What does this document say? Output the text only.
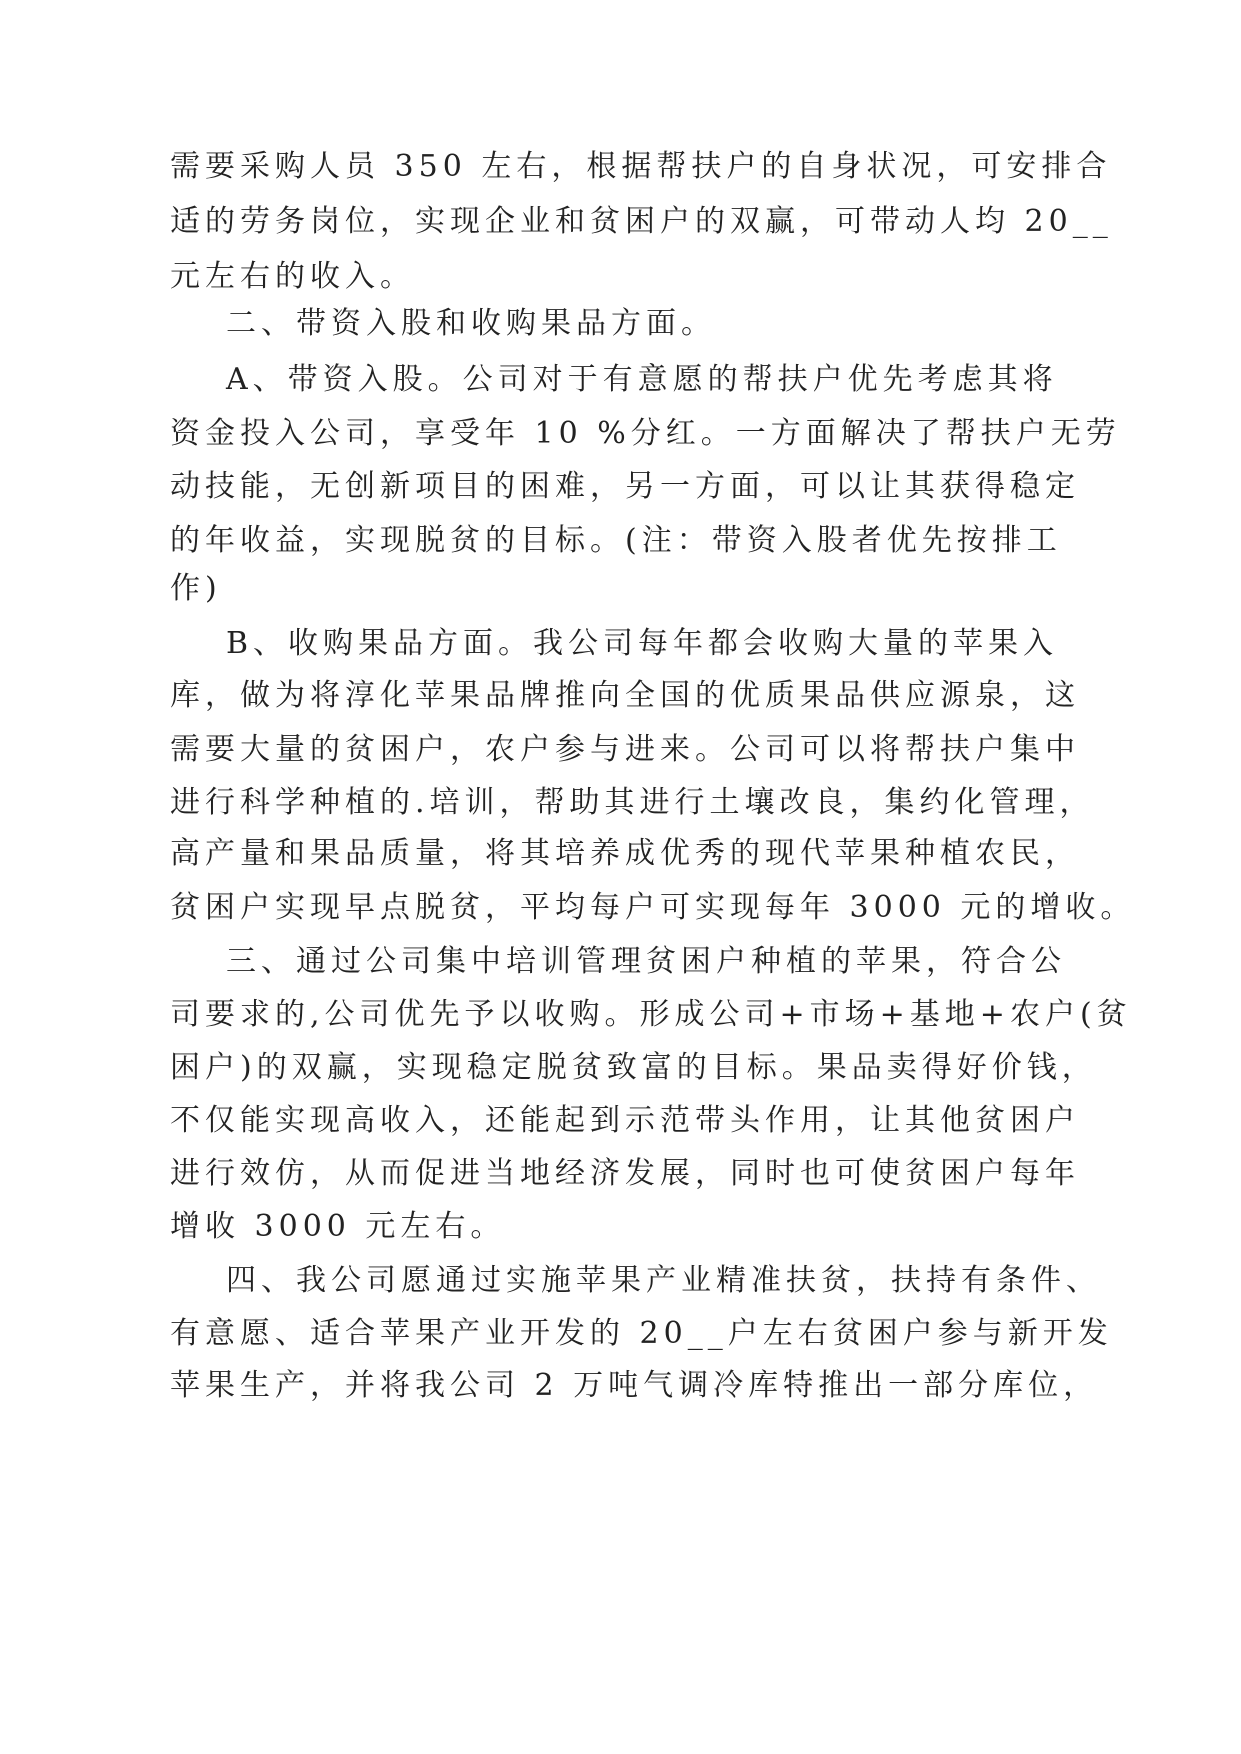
需要采购人员 350 左右，根据帮扶户的自身状况，可安排合

适的劳务岗位，实现企业和贫困户的双赢，可带动人均 20__

元左右的收入。

二、带资入股和收购果品方面。

A、带资入股。公司对于有意愿的帮扶户优先考虑其将

资金投入公司，享受年 10 %分红。一方面解决了帮扶户无劳

动技能，无创新项目的困难，另一方面，可以让其获得稳定

的年收益，实现脱贫的目标。(注：带资入股者优先按排工

作)

B、收购果品方面。我公司每年都会收购大量的苹果入

库，做为将淳化苹果品牌推向全国的优质果品供应源泉，这

需要大量的贫困户，农户参与进来。公司可以将帮扶户集中

进行科学种植的.培训，帮助其进行土壤改良，集约化管理，

高产量和果品质量，将其培养成优秀的现代苹果种植农民，

贫困户实现早点脱贫，平均每户可实现每年 3000 元的增收。

三、通过公司集中培训管理贫困户种植的苹果，符合公

司要求的,公司优先予以收购。形成公司+市场+基地+农户(贫

困户)的双赢，实现稳定脱贫致富的目标。果品卖得好价钱，

不仅能实现高收入，还能起到示范带头作用，让其他贫困户

进行效仿，从而促进当地经济发展，同时也可使贫困户每年

增收 3000 元左右。

四、我公司愿通过实施苹果产业精准扶贫，扶持有条件、

有意愿、适合苹果产业开发的 20__户左右贫困户参与新开发

苹果生产，并将我公司 2 万吨气调冷库特推出一部分库位，
